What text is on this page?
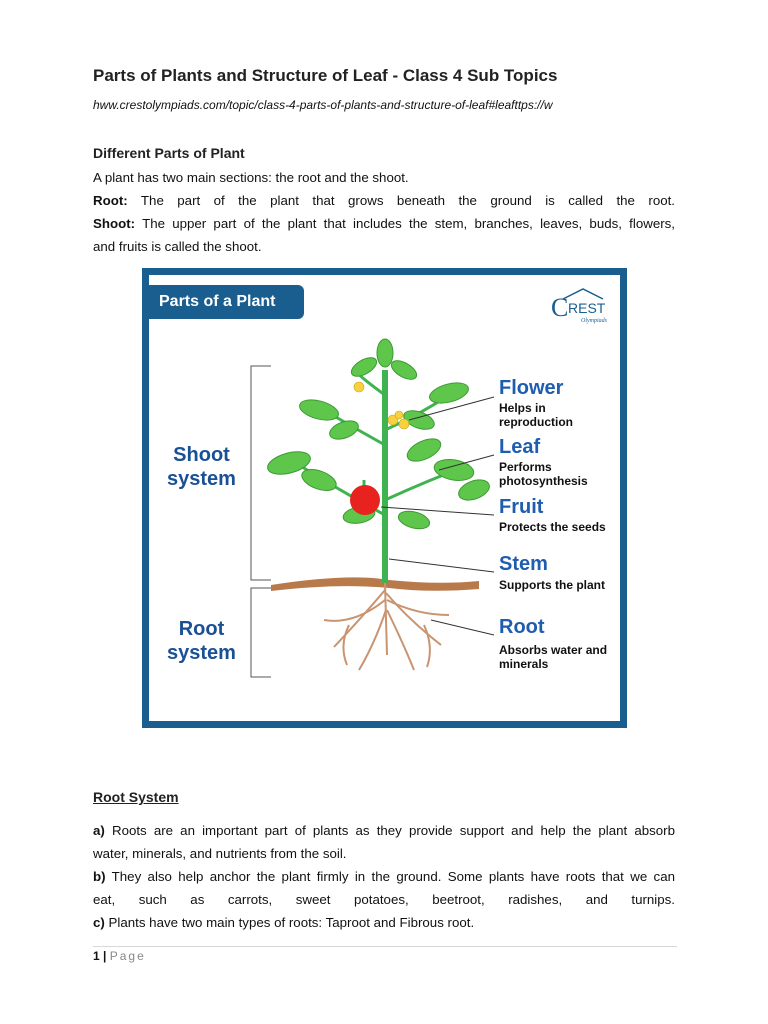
Parts of Plants and Structure of Leaf - Class 4 Sub Topics
hww.crestolympiads.com/topic/class-4-parts-of-plants-and-structure-of-leaf#leafttps://w
Different Parts of Plant
A plant has two main sections: the root and the shoot.
Root: The part of the plant that grows beneath the ground is called the root.
Shoot: The upper part of the plant that includes the stem, branches, leaves, buds, flowers,
and fruits is called the shoot.
Parts of a Plant	C REST
Olympiads
Shoot
system
Root
system
Flower
Helps in reproduction
Leaf
Performs photosynthesis
Fruit
Protects the seeds
Stem
Supports the plant
Root
Absorbs water and minerals
Root System
a) Roots are an important part of plants as they provide support and help the plant absorb
water, minerals, and nutrients from the soil.
b) They also help anchor the plant firmly in the ground. Some plants have roots that we can
eat, such as carrots, sweet potatoes, beetroot, radishes, and turnips.
c) Plants have two main types of roots: Taproot and Fibrous root.
1 | Page
